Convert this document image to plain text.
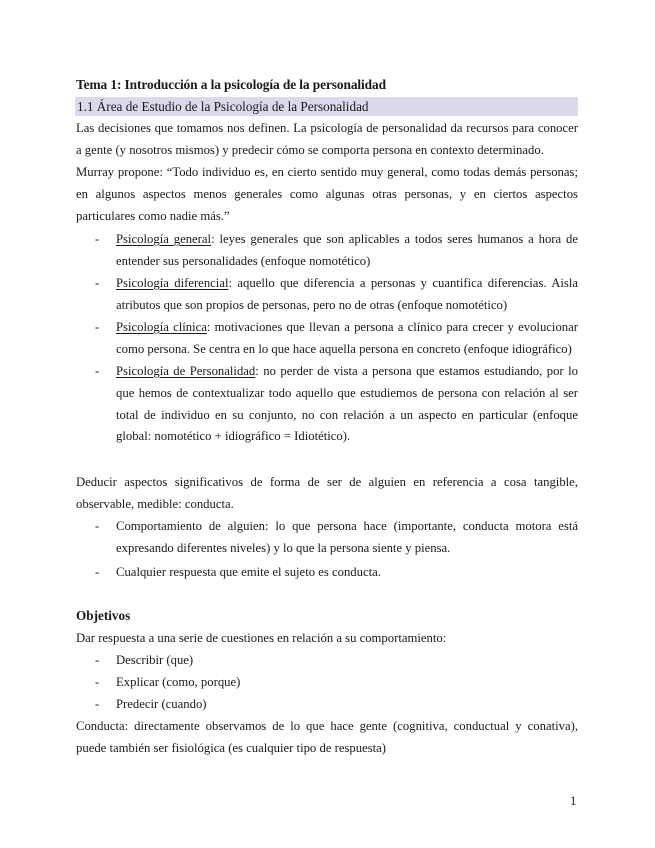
Tema 1: Introducción a la psicología de la personalidad
1.1 Área de Estudio de la Psicología de la Personalidad

Las decisiones que tomamos nos definen. La psicología de personalidad da recursos para conocer a gente (y nosotros mismos) y predecir cómo se comporta persona en contexto determinado.

Murray propone: “Todo individuo es, en cierto sentido muy general, como todas demás personas; en algunos aspectos menos generales como algunas otras personas, y en ciertos aspectos particulares como nadie más.”

- Psicología general: leyes generales que son aplicables a todos seres humanos a hora de entender sus personalidades (enfoque nomotético)

- Psicología diferencial: aquello que diferencia a personas y cuantifica diferencias. Aisla atributos que son propios de personas, pero no de otras (enfoque nomotético)

- Psicología clínica: motivaciones que llevan a persona a clínico para crecer y evolucionar como persona. Se centra en lo que hace aquella persona en concreto (enfoque idiográfico)

- Psicología de Personalidad: no perder de vista a persona que estamos estudiando, por lo que hemos de contextualizar todo aquello que estudiemos de persona con relación al ser total de individuo en su conjunto, no con relación a un aspecto en particular (enfoque global: nomotético + idiográfico = Idiotético).

Deducir aspectos significativos de forma de ser de alguien en referencia a cosa tangible, observable, medible: conducta.

- Comportamiento de alguien: lo que persona hace (importante, conducta motora está expresando diferentes niveles) y lo que la persona siente y piensa.

- Cualquier respuesta que emite el sujeto es conducta.

Objetivos

Dar respuesta a una serie de cuestiones en relación a su comportamiento:

- Describir (que)

- Explicar (como, porque)

- Predecir (cuando)

Conducta: directamente observamos de lo que hace gente (cognitiva, conductual y conativa), puede también ser fisiológica (es cualquier tipo de respuesta)

1
